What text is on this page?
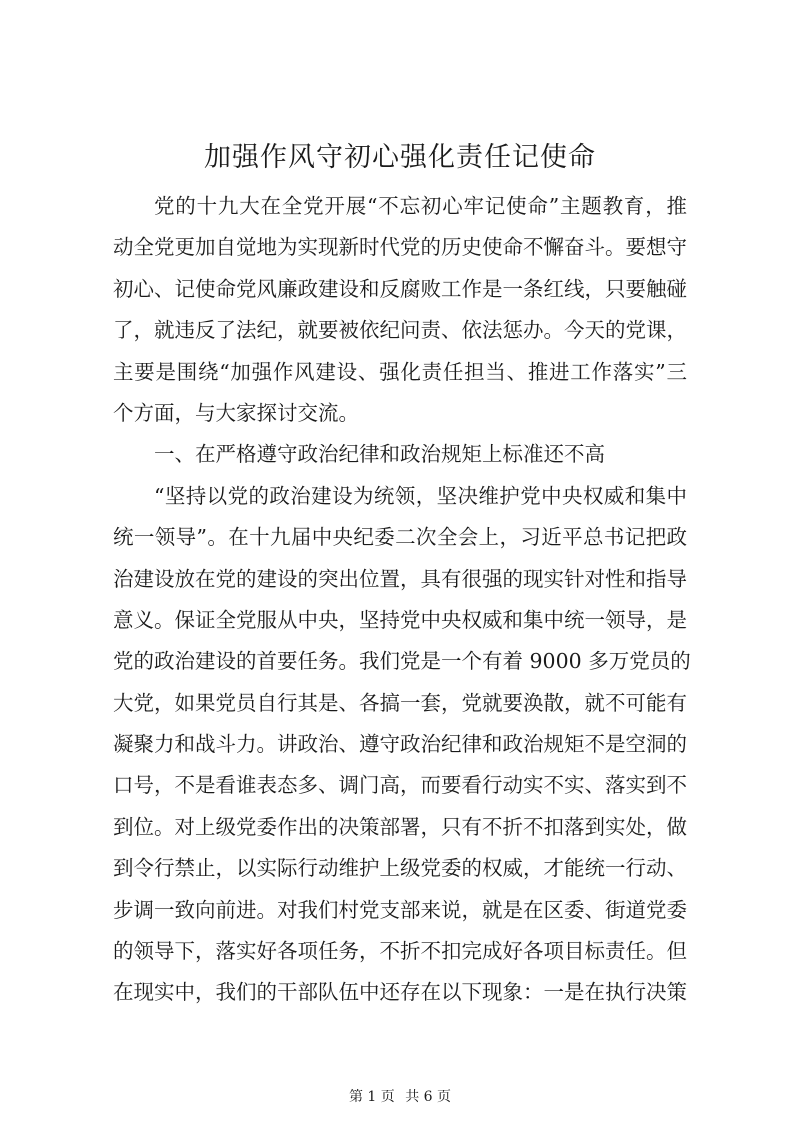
加强作风守初心强化责任记使命
党的十九大在全党开展“不忘初心牢记使命”主题教育，推
动全党更加自觉地为实现新时代党的历史使命不懈奋斗。要想守
初心、记使命党风廉政建设和反腐败工作是一条红线，只要触碰
了，就违反了法纪，就要被依纪问责、依法惩办。今天的党课，
主要是围绕“加强作风建设、强化责任担当、推进工作落实”三
个方面，与大家探讨交流。
一、在严格遵守政治纪律和政治规矩上标准还不高
“坚持以党的政治建设为统领，坚决维护党中央权威和集中
统一领导”。在十九届中央纪委二次全会上，习近平总书记把政
治建设放在党的建设的突出位置，具有很强的现实针对性和指导
意义。保证全党服从中央，坚持党中央权威和集中统一领导，是
党的政治建设的首要任务。我们党是一个有着 9000 多万党员的
大党，如果党员自行其是、各搞一套，党就要涣散，就不可能有
凝聚力和战斗力。讲政治、遵守政治纪律和政治规矩不是空洞的
口号，不是看谁表态多、调门高，而要看行动实不实、落实到不
到位。对上级党委作出的决策部署，只有不折不扣落到实处，做
到令行禁止，以实际行动维护上级党委的权威，才能统一行动、
步调一致向前进。对我们村党支部来说，就是在区委、街道党委
的领导下，落实好各项任务，不折不扣完成好各项目标责任。但
在现实中，我们的干部队伍中还存在以下现象：一是在执行决策
第 1 页 共 6 页
